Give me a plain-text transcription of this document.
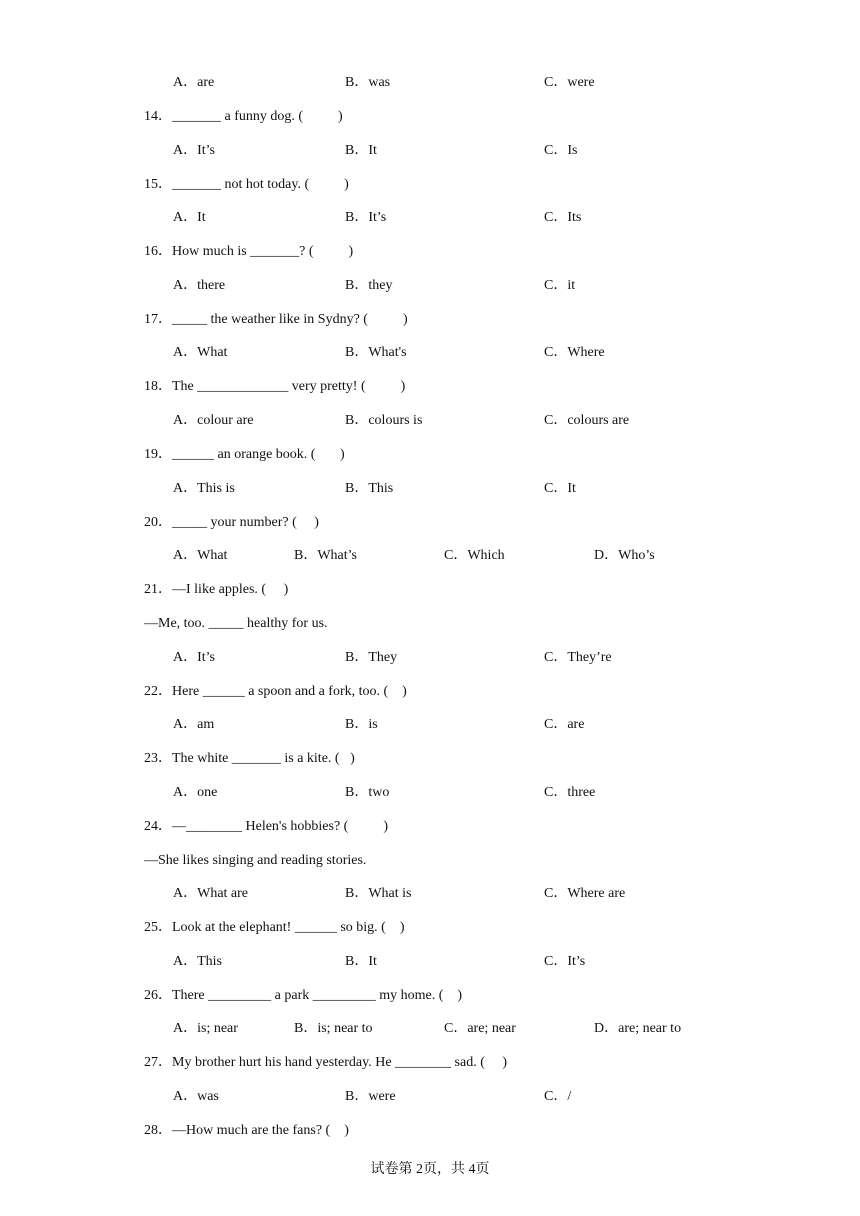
A．are	B．was	C．were
14．_______ a funny dog. (          )
A．It’s	B．It	C．Is
15．_______ not hot today. (          )
A．It	B．It’s	C．Its
16．How much is _______? (          )
A．there	B．they	C．it
17．_____ the weather like in Sydny? (          )
A．What	B．What's	C．Where
18．The _____________ very pretty! (          )
A．colour are	B．colours is	C．colours are
19．______ an orange book. (       )
A．This is	B．This	C．It
20．_____ your number? (     )
A．What	B．What’s	C．Which	D．Who’s
21．—I like apples. (     )
—Me, too. _____ healthy for us.
A．It’s	B．They	C．They’re
22．Here ______ a spoon and a fork, too. (    )
A．am	B．is	C．are
23．The white _______ is a kite. (   )
A．one	B．two	C．three
24．—________ Helen's hobbies? (          )
—She likes singing and reading stories.
A．What are	B．What is	C．Where are
25．Look at the elephant! ______ so big. (    )
A．This	B．It	C．It’s
26．There _________ a park _________ my home. (    )
A．is; near	B．is; near to	C．are; near	D．are; near to
27．My brother hurt his hand yesterday. He ________ sad. (     )
A．was	B．were	C．/
28．—How much are the fans? (    )
试卷第 2页，共 4页
